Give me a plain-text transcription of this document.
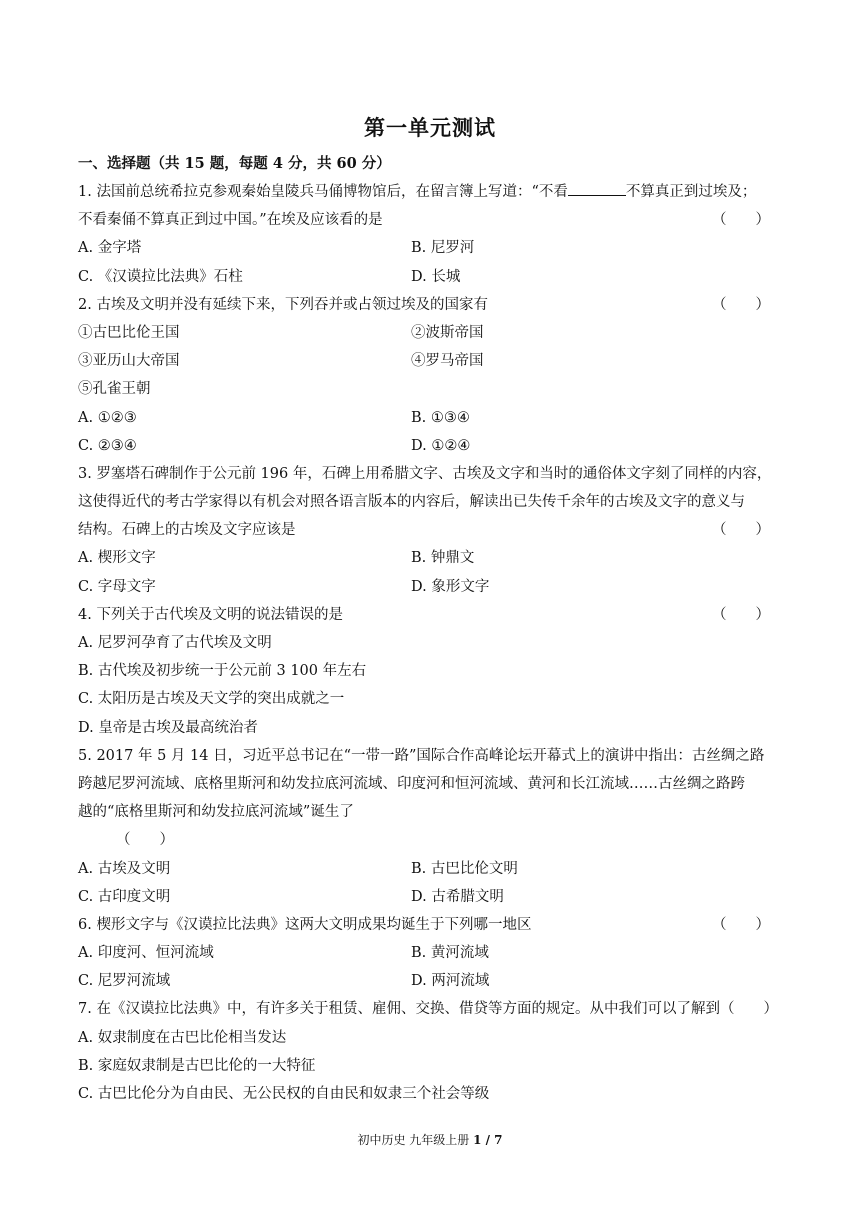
第一单元测试
一、选择题（共 15 题，每题 4 分，共 60 分）
1. 法国前总统希拉克参观秦始皇陵兵马俑博物馆后，在留言簿上写道：“不看	不算真正到过埃及；
不看秦俑不算真正到过中国。”在埃及应该看的是	（　　）
A. 金字塔	B. 尼罗河
C. 《汉谟拉比法典》石柱	D. 长城
2. 古埃及文明并没有延续下来，下列吞并或占领过埃及的国家有	（　　）
①古巴比伦王国	②波斯帝国
③亚历山大帝国	④罗马帝国
⑤孔雀王朝
A. ①②③	B. ①③④
C. ②③④	D. ①②④
3. 罗塞塔石碑制作于公元前 196 年，石碑上用希腊文字、古埃及文字和当时的通俗体文字刻了同样的内容，
这使得近代的考古学家得以有机会对照各语言版本的内容后，解读出已失传千余年的古埃及文字的意义与
结构。石碑上的古埃及文字应该是	（　　）
A. 楔形文字	B. 钟鼎文
C. 字母文字	D. 象形文字
4. 下列关于古代埃及文明的说法错误的是	（　　）
A. 尼罗河孕育了古代埃及文明
B. 古代埃及初步统一于公元前 3 100 年左右
C. 太阳历是古埃及天文学的突出成就之一
D. 皇帝是古埃及最高统治者
5. 2017 年 5 月 14 日，习近平总书记在“一带一路”国际合作高峰论坛开幕式上的演讲中指出：古丝绸之路
跨越尼罗河流域、底格里斯河和幼发拉底河流域、印度河和恒河流域、黄河和长江流域……古丝绸之路跨
越的“底格里斯河和幼发拉底河流域”诞生了
（　　）
A. 古埃及文明	B. 古巴比伦文明
C. 古印度文明	D. 古希腊文明
6. 楔形文字与《汉谟拉比法典》这两大文明成果均诞生于下列哪一地区	（　　）
A. 印度河、恒河流域	B. 黄河流域
C. 尼罗河流域	D. 两河流域
7. 在《汉谟拉比法典》中，有许多关于租赁、雇佣、交换、借贷等方面的规定。从中我们可以了解到（　　）
A. 奴隶制度在古巴比伦相当发达
B. 家庭奴隶制是古巴比伦的一大特征
C. 古巴比伦分为自由民、无公民权的自由民和奴隶三个社会等级
初中历史 九年级上册 1 / 7
